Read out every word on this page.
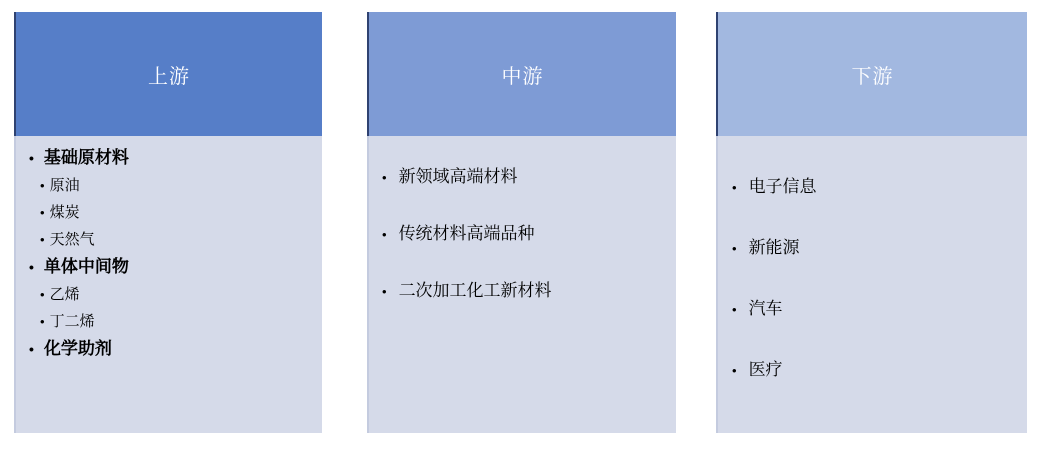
上游
• 基础原材料
• 原油
• 煤炭
• 天然气
• 单体中间物
• 乙烯
• 丁二烯
• 化学助剂
中游
• 新领域高端材料
• 传统材料高端品种
• 二次加工化工新材料
下游
• 电子信息
• 新能源
• 汽车
• 医疗
